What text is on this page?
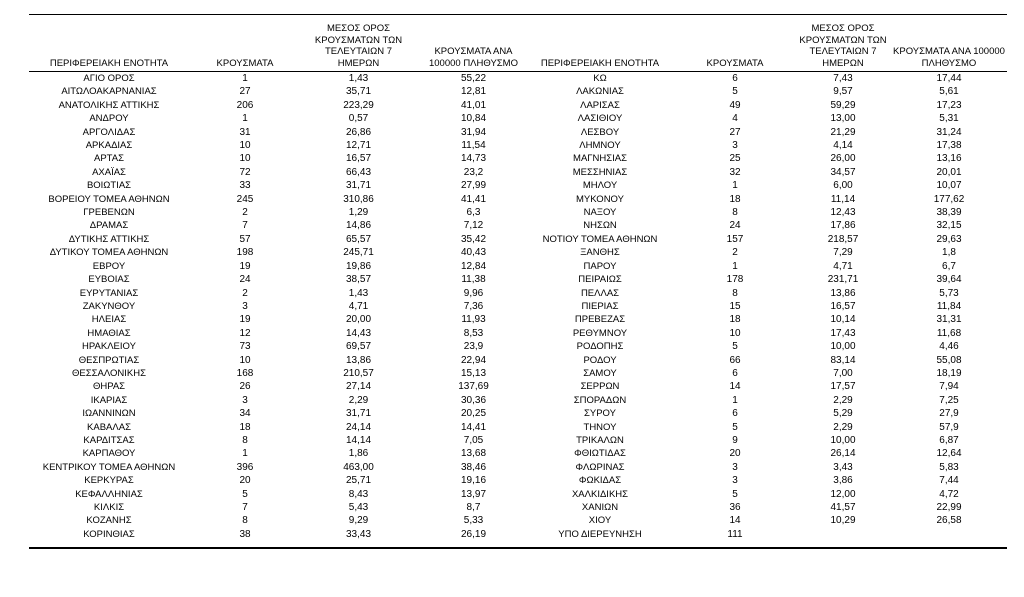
ΠΕΡΙΦΕΡΕΙΑΚΗ ΕΝΟΤΗΤΑ	ΚΡΟΥΣΜΑΤΑ	ΜΕΣΟΣ ΟΡΟΣ ΚΡΟΥΣΜΑΤΩΝ ΤΩΝ ΤΕΛΕΥΤΑΙΩΝ 7 ΗΜΕΡΩΝ	ΚΡΟΥΣΜΑΤΑ ΑΝΑ 100000 ΠΛΗΘΥΣΜΟ
ΑΓΙΟ ΟΡΟΣ	1	1,43	55,22
ΑΙΤΩΛΟΑΚΑΡΝΑΝΙΑΣ	27	35,71	12,81
ΑΝΑΤΟΛΙΚΗΣ ΑΤΤΙΚΗΣ	206	223,29	41,01
ΑΝΔΡΟΥ	1	0,57	10,84
ΑΡΓΟΛΙΔΑΣ	31	26,86	31,94
ΑΡΚΑΔΙΑΣ	10	12,71	11,54
ΑΡΤΑΣ	10	16,57	14,73
ΑΧΑΪΑΣ	72	66,43	23,2
ΒΟΙΩΤΙΑΣ	33	31,71	27,99
ΒΟΡΕΙΟΥ ΤΟΜΕΑ ΑΘΗΝΩΝ	245	310,86	41,41
ΓΡΕΒΕΝΩΝ	2	1,29	6,3
ΔΡΑΜΑΣ	7	14,86	7,12
ΔΥΤΙΚΗΣ ΑΤΤΙΚΗΣ	57	65,57	35,42
ΔΥΤΙΚΟΥ ΤΟΜΕΑ ΑΘΗΝΩΝ	198	245,71	40,43
ΕΒΡΟΥ	19	19,86	12,84
ΕΥΒΟΙΑΣ	24	38,57	11,38
ΕΥΡΥΤΑΝΙΑΣ	2	1,43	9,96
ΖΑΚΥΝΘΟΥ	3	4,71	7,36
ΗΛΕΙΑΣ	19	20,00	11,93
ΗΜΑΘΙΑΣ	12	14,43	8,53
ΗΡΑΚΛΕΙΟΥ	73	69,57	23,9
ΘΕΣΠΡΩΤΙΑΣ	10	13,86	22,94
ΘΕΣΣΑΛΟΝΙΚΗΣ	168	210,57	15,13
ΘΗΡΑΣ	26	27,14	137,69
ΙΚΑΡΙΑΣ	3	2,29	30,36
ΙΩΑΝΝΙΝΩΝ	34	31,71	20,25
ΚΑΒΑΛΑΣ	18	24,14	14,41
ΚΑΡΔΙΤΣΑΣ	8	14,14	7,05
ΚΑΡΠΑΘΟΥ	1	1,86	13,68
ΚΕΝΤΡΙΚΟΥ ΤΟΜΕΑ ΑΘΗΝΩΝ	396	463,00	38,46
ΚΕΡΚΥΡΑΣ	20	25,71	19,16
ΚΕΦΑΛΛΗΝΙΑΣ	5	8,43	13,97
ΚΙΛΚΙΣ	7	5,43	8,7
ΚΟΖΑΝΗΣ	8	9,29	5,33
ΚΟΡΙΝΘΙΑΣ	38	33,43	26,19
ΠΕΡΙΦΕΡΕΙΑΚΗ ΕΝΟΤΗΤΑ	ΚΡΟΥΣΜΑΤΑ	ΜΕΣΟΣ ΟΡΟΣ ΚΡΟΥΣΜΑΤΩΝ ΤΩΝ ΤΕΛΕΥΤΑΙΩΝ 7 ΗΜΕΡΩΝ	ΚΡΟΥΣΜΑΤΑ ΑΝΑ 100000 ΠΛΗΘΥΣΜΟ
ΚΩ	6	7,43	17,44
ΛΑΚΩΝΙΑΣ	5	9,57	5,61
ΛΑΡΙΣΑΣ	49	59,29	17,23
ΛΑΣΙΘΙΟΥ	4	13,00	5,31
ΛΕΣΒΟΥ	27	21,29	31,24
ΛΗΜΝΟΥ	3	4,14	17,38
ΜΑΓΝΗΣΙΑΣ	25	26,00	13,16
ΜΕΣΣΗΝΙΑΣ	32	34,57	20,01
ΜΗΛΟΥ	1	6,00	10,07
ΜΥΚΟΝΟΥ	18	11,14	177,62
ΝΑΞΟΥ	8	12,43	38,39
ΝΗΣΩΝ	24	17,86	32,15
ΝΟΤΙΟΥ ΤΟΜΕΑ ΑΘΗΝΩΝ	157	218,57	29,63
ΞΑΝΘΗΣ	2	7,29	1,8
ΠΑΡΟΥ	1	4,71	6,7
ΠΕΙΡΑΙΩΣ	178	231,71	39,64
ΠΕΛΛΑΣ	8	13,86	5,73
ΠΙΕΡΙΑΣ	15	16,57	11,84
ΠΡΕΒΕΖΑΣ	18	10,14	31,31
ΡΕΘΥΜΝΟΥ	10	17,43	11,68
ΡΟΔΟΠΗΣ	5	10,00	4,46
ΡΟΔΟΥ	66	83,14	55,08
ΣΑΜΟΥ	6	7,00	18,19
ΣΕΡΡΩΝ	14	17,57	7,94
ΣΠΟΡΑΔΩΝ	1	2,29	7,25
ΣΥΡΟΥ	6	5,29	27,9
ΤΗΝΟΥ	5	2,29	57,9
ΤΡΙΚΑΛΩΝ	9	10,00	6,87
ΦΘΙΩΤΙΔΑΣ	20	26,14	12,64
ΦΛΩΡΙΝΑΣ	3	3,43	5,83
ΦΩΚΙΔΑΣ	3	3,86	7,44
ΧΑΛΚΙΔΙΚΗΣ	5	12,00	4,72
ΧΑΝΙΩΝ	36	41,57	22,99
ΧΙΟΥ	14	10,29	26,58
ΥΠΟ ΔΙΕΡΕΥΝΗΣΗ	111		
